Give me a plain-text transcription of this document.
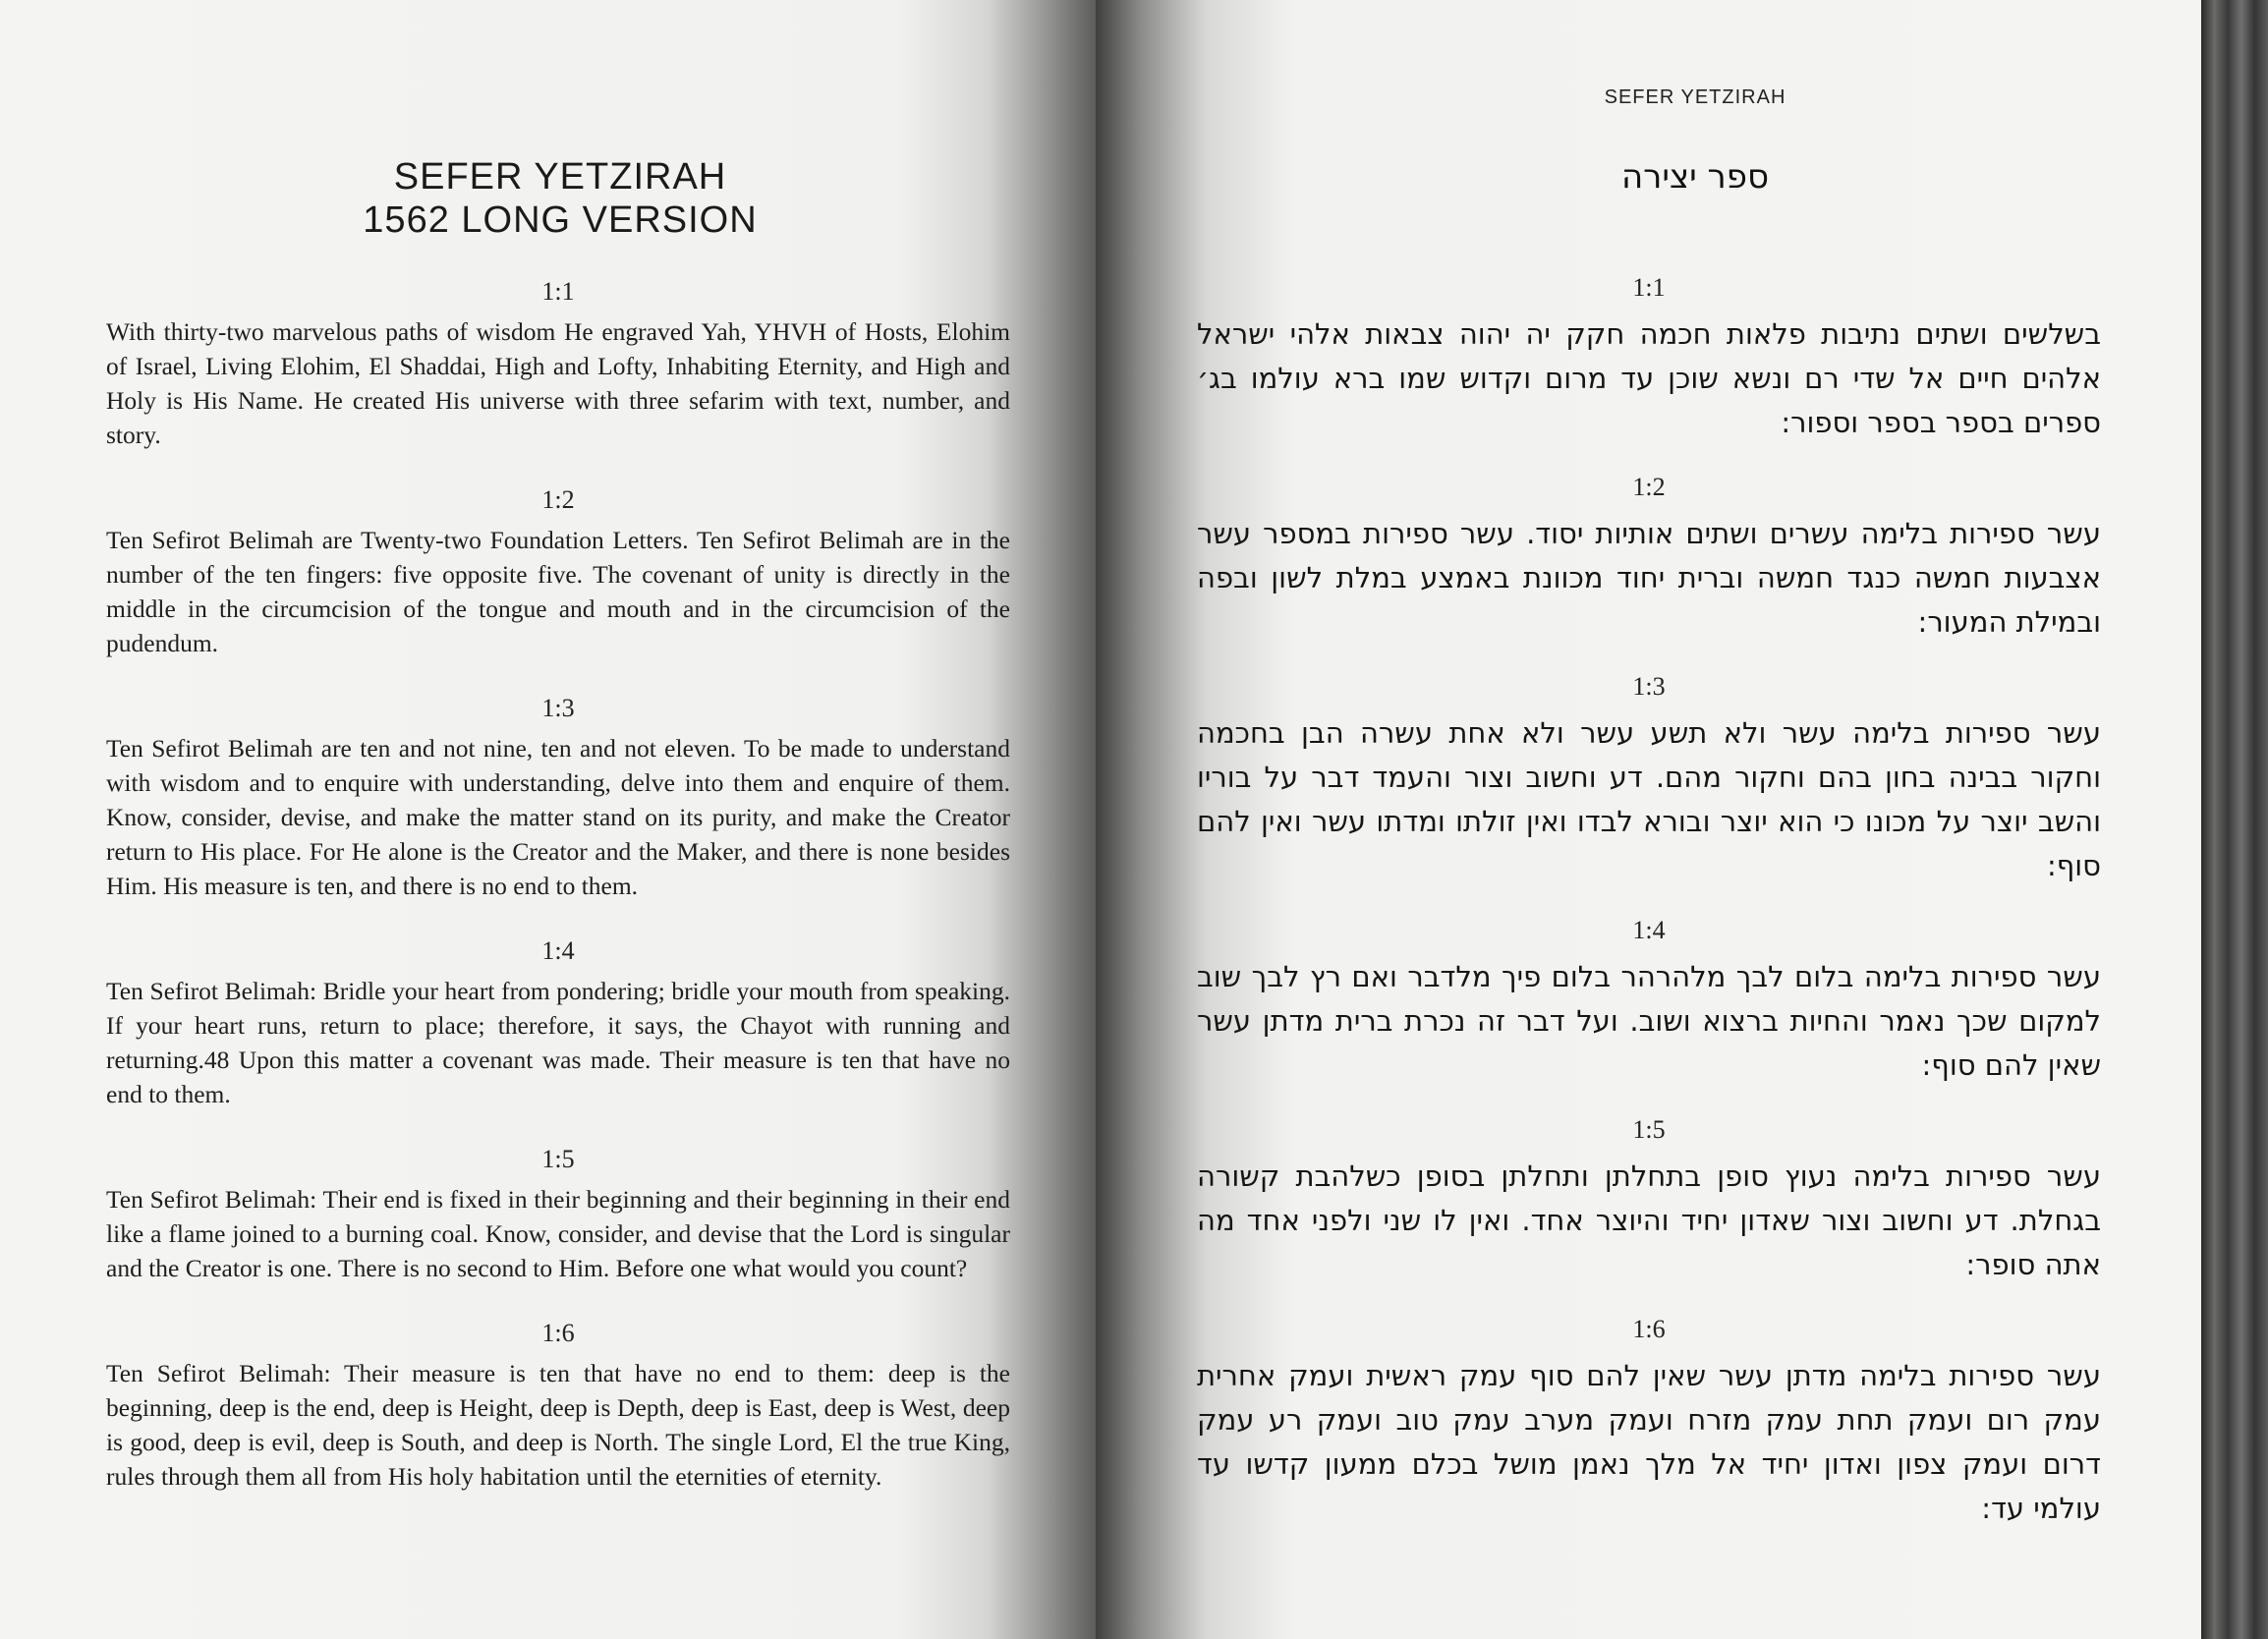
SEFER YETZIRAH
1562 LONG VERSION
1:1

With thirty-two marvelous paths of wisdom He engraved Yah, YHVH of Hosts, Elohim of Israel, Living Elohim, El Shaddai, High and Lofty, Inhabiting Eternity, and High and Holy is His Name. He created His universe with three sefarim with text, number, and story.

1:2

Ten Sefirot Belimah are Twenty-two Foundation Letters. Ten Sefirot Belimah are in the number of the ten fingers: five opposite five. The covenant of unity is directly in the middle in the circumcision of the tongue and mouth and in the circumcision of the pudendum.

1:3

Ten Sefirot Belimah are ten and not nine, ten and not eleven. To be made to understand with wisdom and to enquire with understanding, delve into them and enquire of them. Know, consider, devise, and make the matter stand on its purity, and make the Creator return to His place. For He alone is the Creator and the Maker, and there is none besides Him. His measure is ten, and there is no end to them.

1:4

Ten Sefirot Belimah: Bridle your heart from pondering; bridle your mouth from speaking. If your heart runs, return to place; therefore, it says, the Chayot with running and returning.48 Upon this matter a covenant was made. Their measure is ten that have no end to them.

1:5

Ten Sefirot Belimah: Their end is fixed in their beginning and their beginning in their end like a flame joined to a burning coal. Know, consider, and devise that the Lord is singular and the Creator is one. There is no second to Him. Before one what would you count?

1:6

Ten Sefirot Belimah: Their measure is ten that have no end to them: deep is the beginning, deep is the end, deep is Height, deep is Depth, deep is East, deep is West, deep is good, deep is evil, deep is South, and deep is North. The single Lord, El the true King, rules through them all from His holy habitation until the eternities of eternity.

SEFER YETZIRAH
ספר יצירה
1:1

בשלשים ושתים נתיבות פלאות חכמה חקק יה יהוה צבאות אלהי ישראל אלהים חיים אל שדי רם ונשא שוכן עד מרום וקדוש שמו ברא עולמו בג׳ ספרים בספר בספר וספור:

1:2

עשר ספירות בלימה עשרים ושתים אותיות יסוד. עשר ספירות במספר עשר אצבעות חמשה כנגד חמשה וברית יחוד מכוונת באמצע במלת לשון ובפה ובמילת המעור:

1:3

עשר ספירות בלימה עשר ולא תשע עשר ולא אחת עשרה הבן בחכמה וחקור בבינה בחון בהם וחקור מהם. דע וחשוב וצור והעמד דבר על בוריו והשב יוצר על מכונו כי הוא יוצר ובורא לבדו ואין זולתו ומדתו עשר ואין להם סוף:

1:4

עשר ספירות בלימה בלום לבך מלהרהר בלום פיך מלדבר ואם רץ לבך שוב למקום שכך נאמר והחיות ברצוא ושוב. ועל דבר זה נכרת ברית מדתן עשר שאין להם סוף:

1:5

עשר ספירות בלימה נעוץ סופן בתחלתן ותחלתן בסופן כשלהבת קשורה בגחלת. דע וחשוב וצור שאדון יחיד והיוצר אחד. ואין לו שני ולפני אחד מה אתה סופר:

1:6

עשר ספירות בלימה מדתן עשר שאין להם סוף עמק ראשית ועמק אחרית עמק רום ועמק תחת עמק מזרח ועמק מערב עמק טוב ועמק רע עמק דרום ועמק צפון ואדון יחיד אל מלך נאמן מושל בכלם ממעון קדשו עד עולמי עד:
